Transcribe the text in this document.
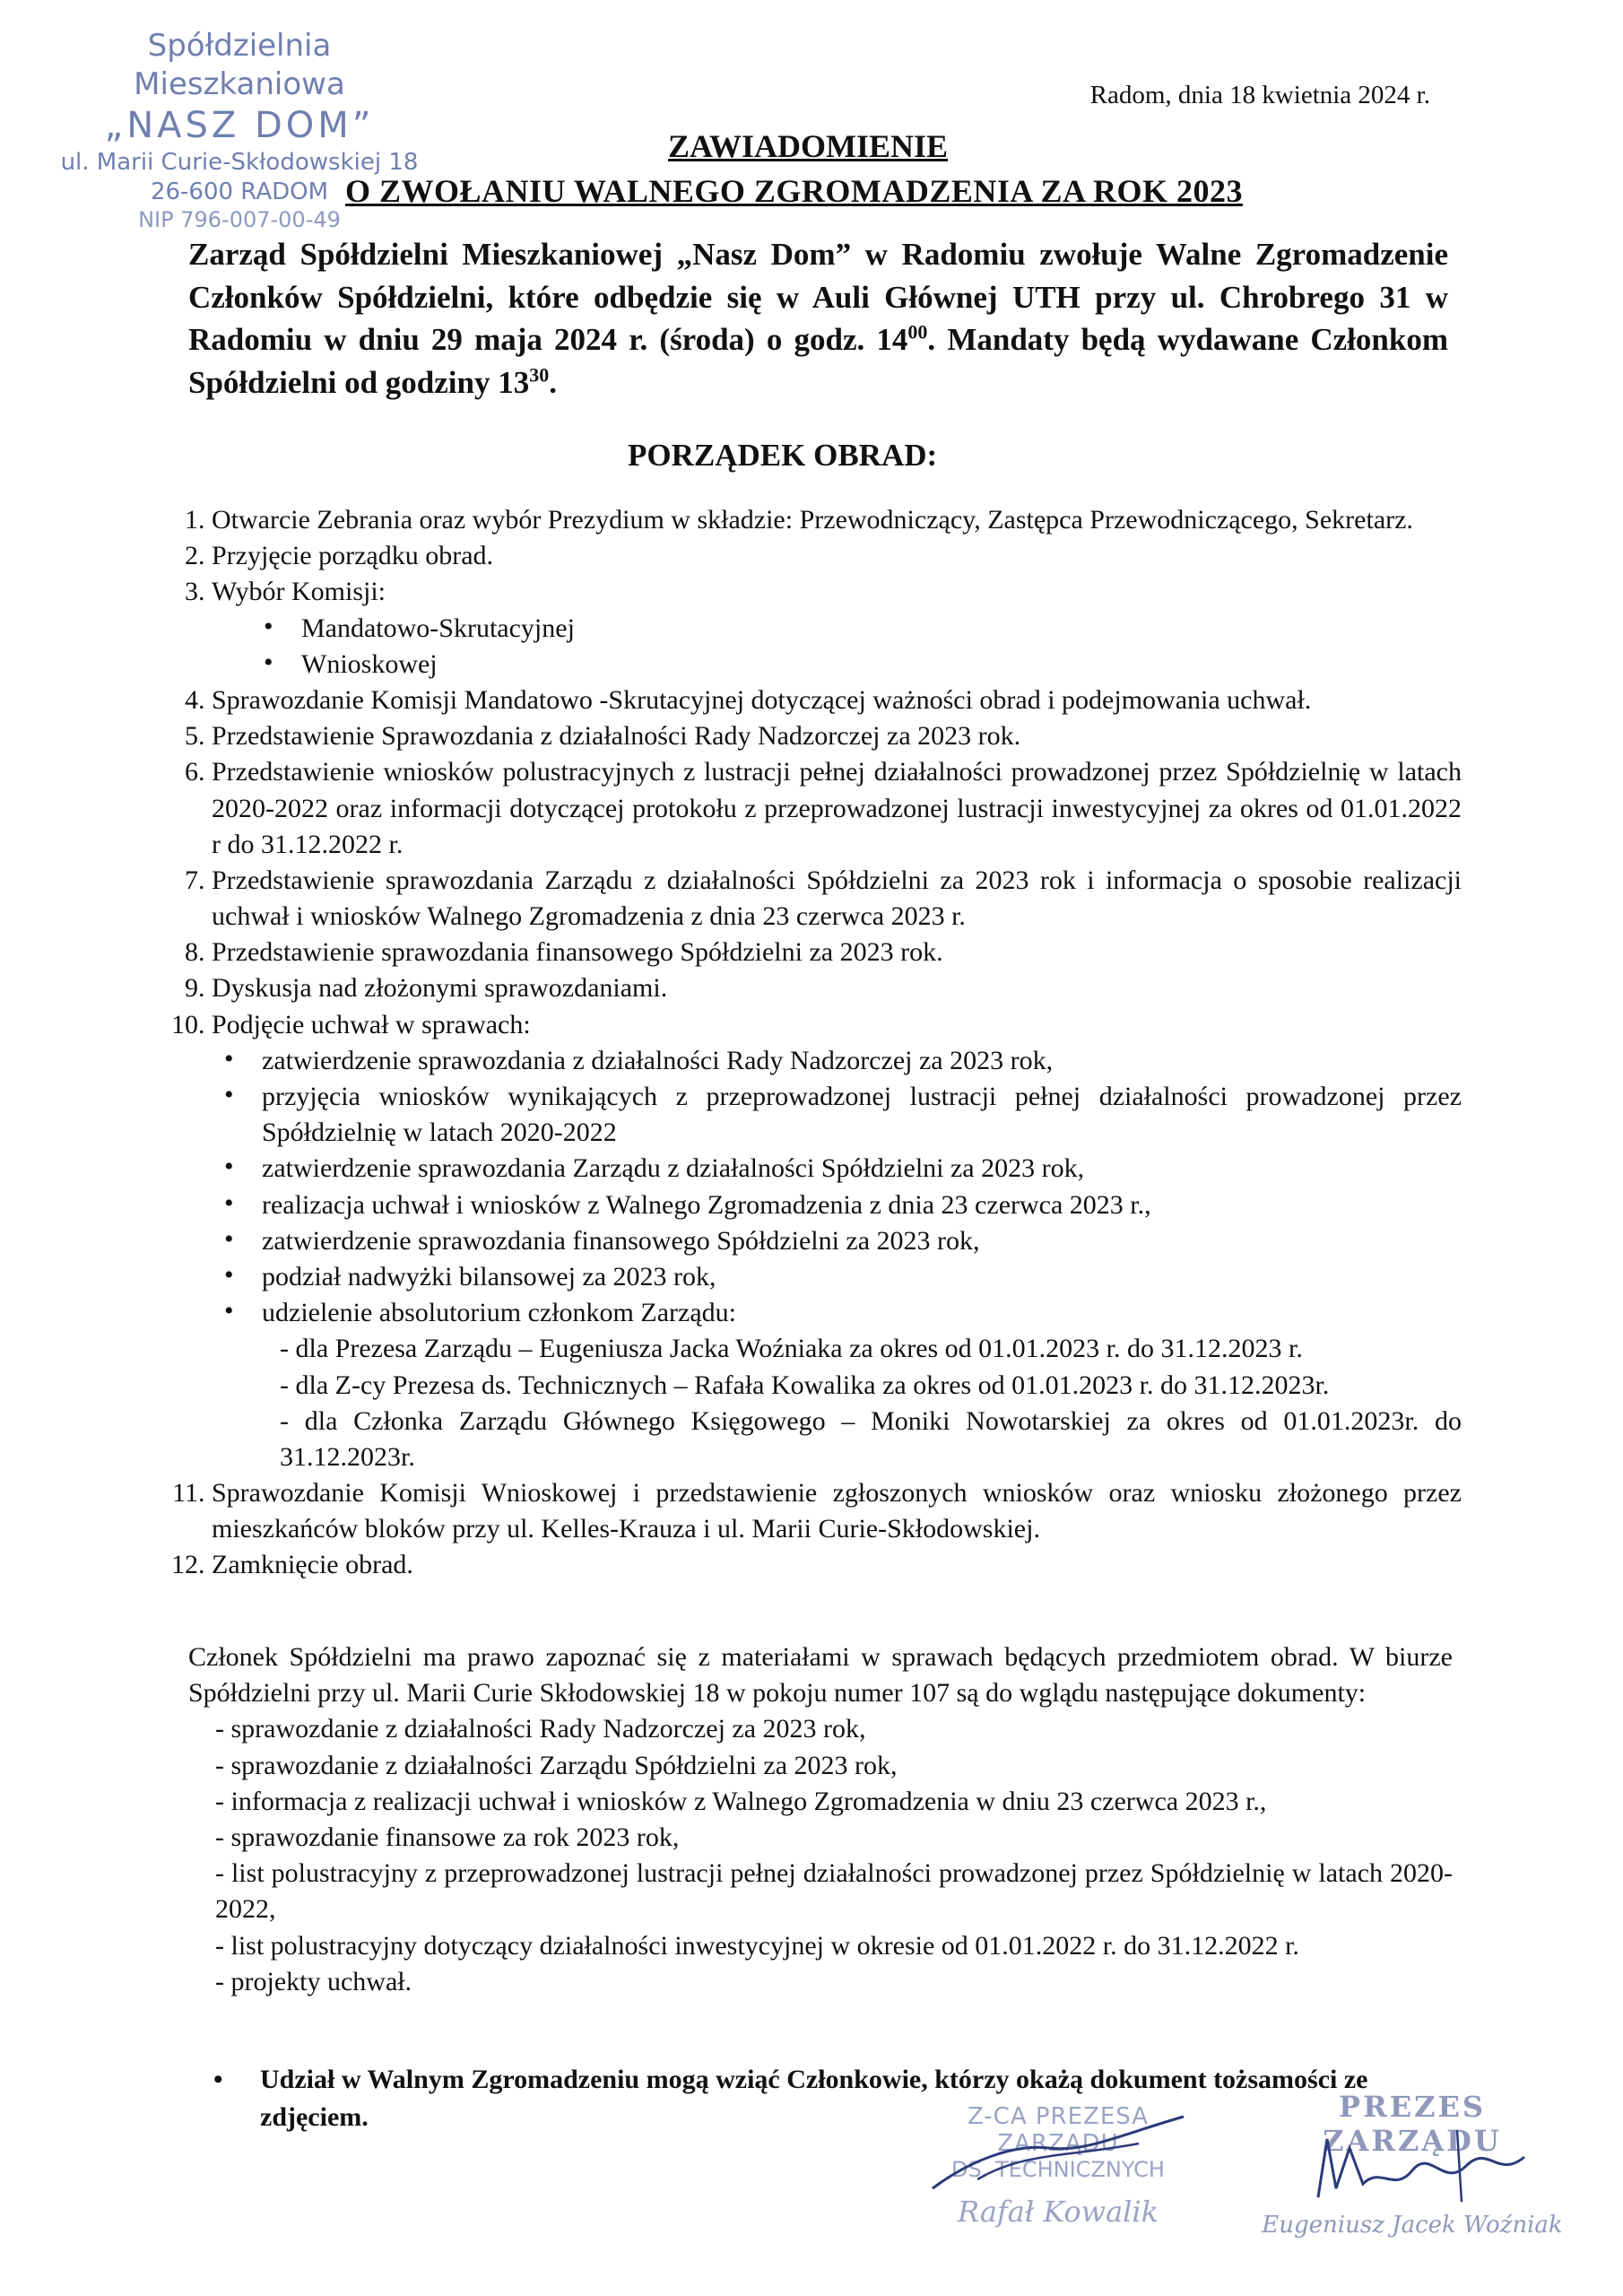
Spółdzielnia Mieszkaniowa
„NASZ DOM”
ul. Marii Curie-Skłodowskiej 18
26-600 RADOM
NIP 796-007-00-49
Radom, dnia 18 kwietnia 2024 r.
ZAWIADOMIENIE
O ZWOŁANIU WALNEGO ZGROMADZENIA ZA ROK 2023
Zarząd Spółdzielni Mieszkaniowej „Nasz Dom” w Radomiu zwołuje Walne Zgromadzenie Członków Spółdzielni, które odbędzie się w Auli Głównej UTH przy ul. Chrobrego 31 w Radomiu w dniu 29 maja 2024 r. (środa) o godz. $14^{00}$. Mandaty będą wydawane Członkom Spółdzielni od godziny $13^{30}$.
PORZĄDEK OBRAD:
1. Otwarcie Zebrania oraz wybór Prezydium w składzie: Przewodniczący, Zastępca Przewodniczącego, Sekretarz.
2. Przyjęcie porządku obrad.
3. Wybór Komisji:
• Mandatowo-Skrutacyjnej
• Wnioskowej
4. Sprawozdanie Komisji Mandatowo -Skrutacyjnej dotyczącej ważności obrad i podejmowania uchwał.
5. Przedstawienie Sprawozdania z działalności Rady Nadzorczej za 2023 rok.
6. Przedstawienie wniosków polustracyjnych z lustracji pełnej działalności prowadzonej przez Spółdzielnię w latach 2020-2022 oraz informacji dotyczącej protokołu z przeprowadzonej lustracji inwestycyjnej za okres od 01.01.2022 r do 31.12.2022 r.
7. Przedstawienie sprawozdania Zarządu z działalności Spółdzielni za 2023 rok i informacja o sposobie realizacji uchwał i wniosków Walnego Zgromadzenia z dnia 23 czerwca 2023 r.
8. Przedstawienie sprawozdania finansowego Spółdzielni za 2023 rok.
9. Dyskusja nad złożonymi sprawozdaniami.
10. Podjęcie uchwał w sprawach:
• zatwierdzenie sprawozdania z działalności Rady Nadzorczej za 2023 rok,
• przyjęcia wniosków wynikających z przeprowadzonej lustracji pełnej działalności prowadzonej przez Spółdzielnię w latach 2020-2022
• zatwierdzenie sprawozdania Zarządu z działalności Spółdzielni za 2023 rok,
• realizacja uchwał i wniosków z Walnego Zgromadzenia z dnia 23 czerwca 2023 r.,
• zatwierdzenie sprawozdania finansowego Spółdzielni za 2023 rok,
• podział nadwyżki bilansowej za 2023 rok,
• udzielenie absolutorium członkom Zarządu:
- dla Prezesa Zarządu – Eugeniusza Jacka Woźniaka za okres od 01.01.2023 r. do 31.12.2023 r.
- dla Z-cy Prezesa ds. Technicznych – Rafała Kowalika za okres od 01.01.2023 r. do 31.12.2023r.
- dla Członka Zarządu Głównego Księgowego – Moniki Nowotarskiej za okres od 01.01.2023r. do 31.12.2023r.
11. Sprawozdanie Komisji Wnioskowej i przedstawienie zgłoszonych wniosków oraz wniosku złożonego przez mieszkańców bloków przy ul. Kelles-Krauza i ul. Marii Curie-Skłodowskiej.
12. Zamknięcie obrad.
Członek Spółdzielni ma prawo zapoznać się z materiałami w sprawach będących przedmiotem obrad. W biurze Spółdzielni przy ul. Marii Curie Skłodowskiej 18 w pokoju numer 107 są do wglądu następujące dokumenty:
- sprawozdanie z działalności Rady Nadzorczej za 2023 rok,
- sprawozdanie z działalności Zarządu Spółdzielni za 2023 rok,
- informacja z realizacji uchwał i wniosków z Walnego Zgromadzenia w dniu 23 czerwca 2023 r.,
- sprawozdanie finansowe za rok 2023 rok,
- list polustracyjny z przeprowadzonej lustracji pełnej działalności prowadzonej przez Spółdzielnię w latach 2020-2022,
- list polustracyjny dotyczący działalności inwestycyjnej w okresie od 01.01.2022 r. do 31.12.2022 r.
- projekty uchwał.
• Udział w Walnym Zgromadzeniu mogą wziąć Członkowie, którzy okażą dokument tożsamości ze zdjęciem.	Z-CA PREZESA ZARZĄDU
DS. TECHNICZNYCH
Rafał Kowalik
PREZES ZARZĄDU
Eugeniusz Jacek Woźniak
